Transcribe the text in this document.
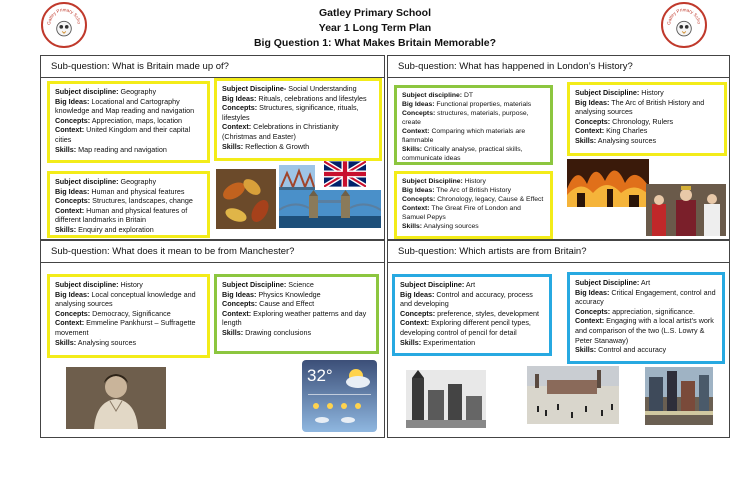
Gatley Primary Scho	Gatley Primary Scho
Gatley Primary School
Year 1 Long Term Plan
Big Question 1: What Makes Britain Memorable?
Sub-question: What is Britain made up of?
Subject discipline: Geography
Big Ideas: Locational and Cartography knowledge and Map reading and navigation
Concepts: Appreciation, maps, location
Context: United Kingdom and their capital cities
Skills: Map reading and navigation
Subject Discipline- Social Understanding
Big Ideas: Rituals, celebrations and lifestyles
Concepts: Structures, significance, rituals, lifestyles
Context: Celebrations in Christianity (Christmas and Easter)
Skills: Reflection & Growth
Subject discipline: Geography
Big Ideas: Human and physical features
Concepts: Structures, landscapes, change
Context: Human and physical features of different landmarks in Britain
Skills: Enquiry and exploration
Sub-question: What has happened in London’s History?
Subject discipline: DT
Big Ideas: Functional properties, materials
Concepts: structures, materials, purpose, create
Context: Comparing which materials are flammable
Skills: Critically analyse, practical skills, communicate ideas
Subject Discipline: History
Big Ideas: The Arc of British History and analysing sources
Concepts: Chronology, Rulers
Context: King Charles
Skills: Analysing sources
Subject Discipline: History
Big Ideas: The Arc of British History
Concepts: Chronology, legacy, Cause & Effect
Context: The Great Fire of London and Samuel Pepys
Skills: Analysing sources
Sub-question: What does it mean to be from Manchester?
Subject discipline: History
Big Ideas: Local conceptual knowledge and analysing sources
Concepts: Democracy, Significance
Context: Emmeline Pankhurst – Suffragette movement
Skills: Analysing sources
Subject Discipline: Science
Big Ideas: Physics Knowledge
Concepts: Cause and Effect
Context: Exploring weather patterns and day length
Skills: Drawing conclusions
32°
Sub-question: Which artists are from Britain?
Subject Discipline: Art
Big Ideas: Control and accuracy, process and developing
Concepts: preference, styles, development
Context: Exploring different pencil types, developing control of pencil for detail
Skills: Experimentation
Subject Discipline: Art
Big Ideas: Critical Engagement, control and accuracy
Concepts: appreciation, significance.
Context: Engaging with a local artist’s work and comparison of the two (L.S. Lowry & Peter Stanaway)
Skills: Control and accuracy
